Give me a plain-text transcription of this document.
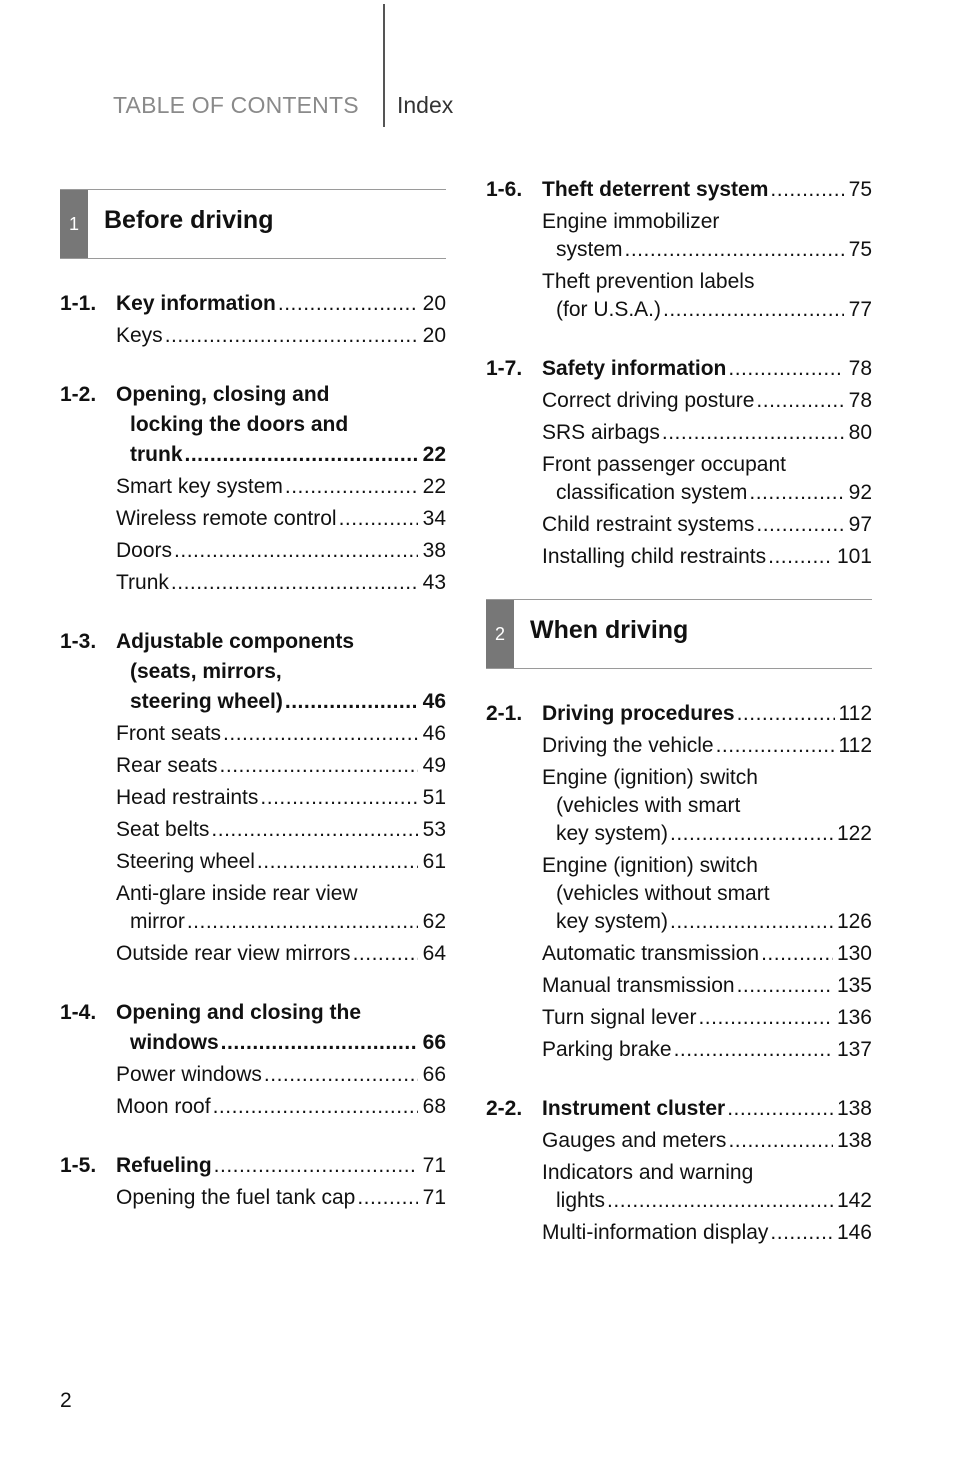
TABLE OF CONTENTS Index
1	Before driving
1-1. Key information .....	20
Keys .....	20
1-2. Opening, closing and
locking the doors and
trunk .....	22
Smart key system .....	22
Wireless remote control .....	34
Doors .....	38
Trunk .....	43
1-3. Adjustable components
(seats, mirrors,
steering wheel) .....	46
Front seats .....	46
Rear seats .....	49
Head restraints .....	51
Seat belts .....	53
Steering wheel .....	61
Anti-glare inside rear view
mirror .....	62
Outside rear view mirrors .....	64
1-4. Opening and closing the
windows .....	66
Power windows .....	66
Moon roof .....	68
1-5. Refueling .....	71
Opening the fuel tank cap .....	71
1-6. Theft deterrent system .....	75
Engine immobilizer
system .....	75
Theft prevention labels
(for U.S.A.) .....	77
1-7. Safety information .....	78
Correct driving posture .....	78
SRS airbags .....	80
Front passenger occupant
classification system .....	92
Child restraint systems .....	97
Installing child restraints .....	101
2	When driving
2-1. Driving procedures .....	112
Driving the vehicle .....	112
Engine (ignition) switch
(vehicles with smart
key system) .....	122
Engine (ignition) switch
(vehicles without smart
key system) .....	126
Automatic transmission .....	130
Manual transmission .....	135
Turn signal lever .....	136
Parking brake .....	137
2-2. Instrument cluster .....	138
Gauges and meters .....	138
Indicators and warning
lights .....	142
Multi-information display .....	146
2
